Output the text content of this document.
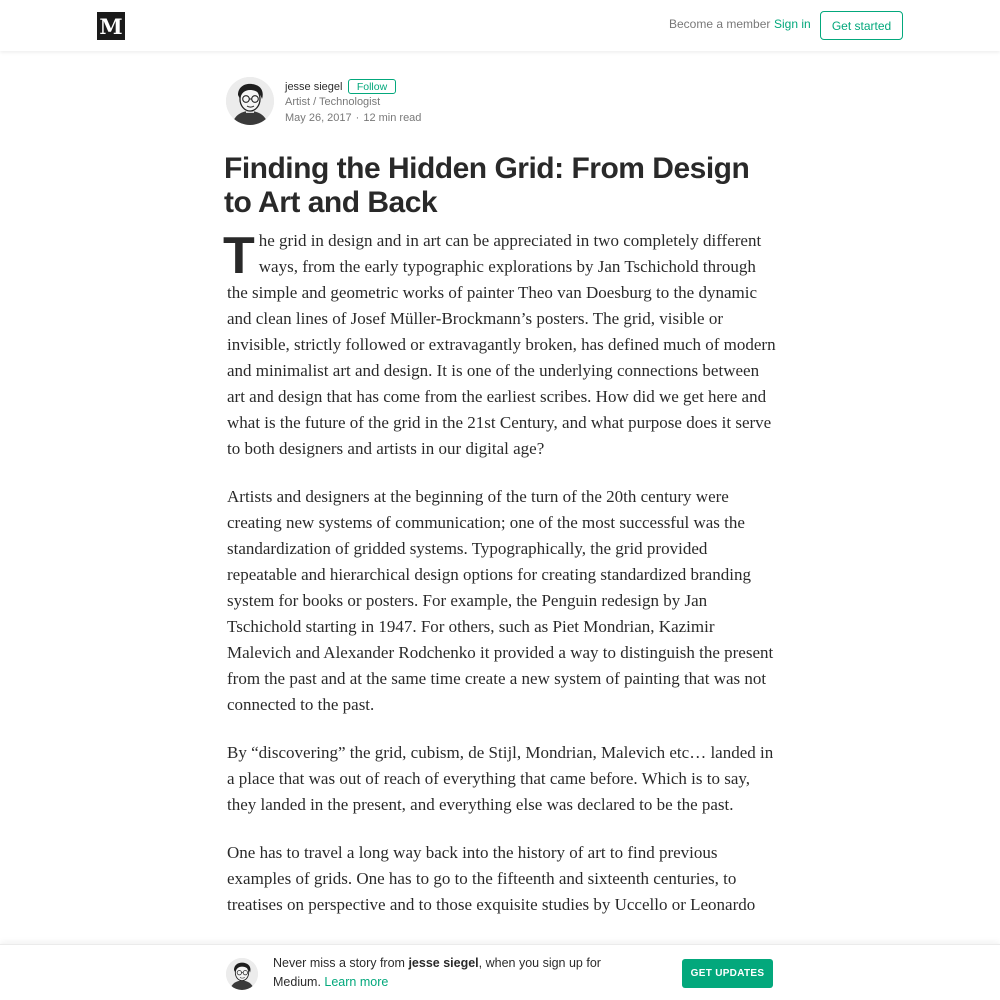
M	Become a member Sign in	Get started
jesse siegel	Follow
Artist / Technologist
May 26, 2017 · 12 min read
Finding the Hidden Grid: From Design to Art and Back

The grid in design and in art can be appreciated in two completely different ways, from the early typographic explorations by Jan Tschichold through the simple and geometric works of painter Theo van Doesburg to the dynamic and clean lines of Josef Müller-Brockmann’s posters. The grid, visible or invisible, strictly followed or extravagantly broken, has defined much of modern and minimalist art and design. It is one of the underlying connections between art and design that has come from the earliest scribes. How did we get here and what is the future of the grid in the 21st Century, and what purpose does it serve to both designers and artists in our digital age?

Artists and designers at the beginning of the turn of the 20th century were creating new systems of communication; one of the most successful was the standardization of gridded systems. Typographically, the grid provided repeatable and hierarchical design options for creating standardized branding system for books or posters. For example, the Penguin redesign by Jan Tschichold starting in 1947. For others, such as Piet Mondrian, Kazimir Malevich and Alexander Rodchenko it provided a way to distinguish the present from the past and at the same time create a new system of painting that was not connected to the past.

By “discovering” the grid, cubism, de Stijl, Mondrian, Malevich etc… landed in a place that was out of reach of everything that came before. Which is to say, they landed in the present, and everything else was declared to be the past.

One has to travel a long way back into the history of art to find previous examples of grids. One has to go to the fifteenth and sixteenth centuries, to treatises on perspective and to those exquisite studies by Uccello or Leonardo

Never miss a story from jesse siegel, when you sign up for Medium. Learn more
GET UPDATES
